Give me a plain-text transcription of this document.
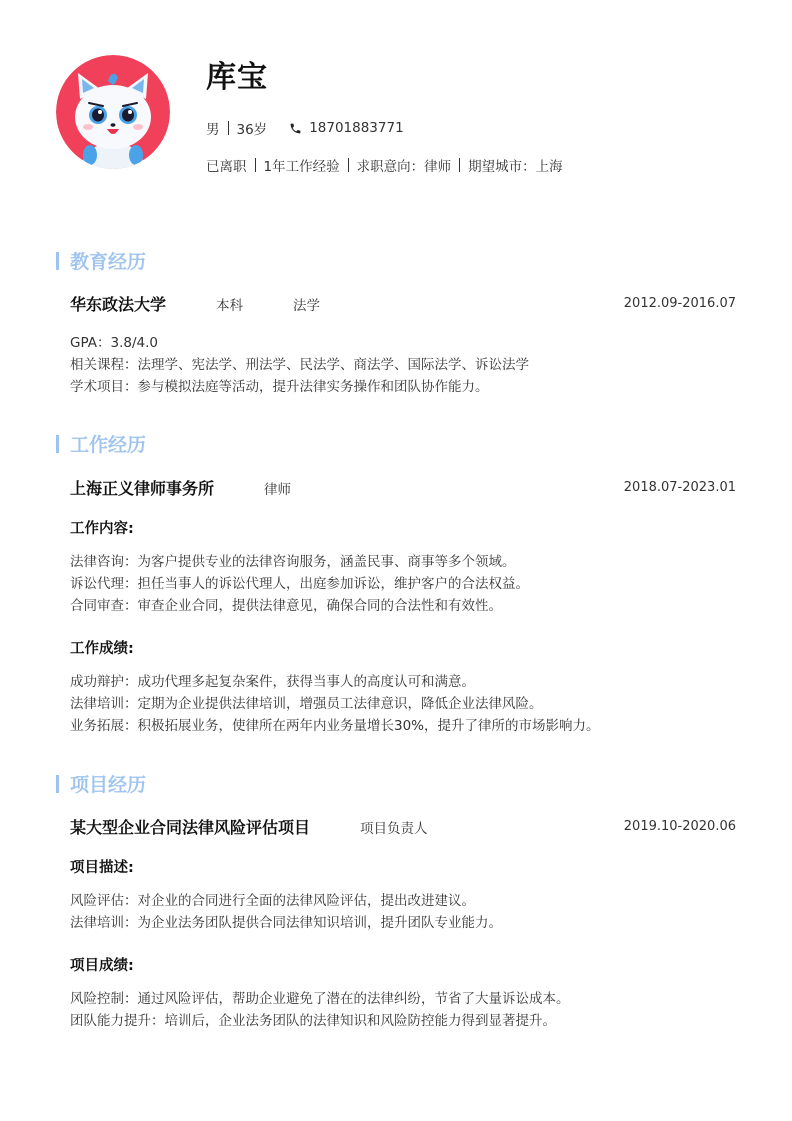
库宝
男 36岁	18701883771
已离职 1年工作经验 求职意向：律师 期望城市：上海
教育经历
华东政法大学	本科	法学	2012.09-2016.07
GPA：3.8/4.0
相关课程：法理学、宪法学、刑法学、民法学、商法学、国际法学、诉讼法学
学术项目：参与模拟法庭等活动，提升法律实务操作和团队协作能力。
工作经历
上海正义律师事务所	律师	2018.07-2023.01
工作内容:
法律咨询：为客户提供专业的法律咨询服务，涵盖民事、商事等多个领域。
诉讼代理：担任当事人的诉讼代理人，出庭参加诉讼，维护客户的合法权益。
合同审查：审查企业合同，提供法律意见，确保合同的合法性和有效性。
工作成绩:
成功辩护：成功代理多起复杂案件，获得当事人的高度认可和满意。
法律培训：定期为企业提供法律培训，增强员工法律意识，降低企业法律风险。
业务拓展：积极拓展业务，使律所在两年内业务量增长30%，提升了律所的市场影响力。
项目经历
某大型企业合同法律风险评估项目	项目负责人	2019.10-2020.06
项目描述:
风险评估：对企业的合同进行全面的法律风险评估，提出改进建议。
法律培训：为企业法务团队提供合同法律知识培训，提升团队专业能力。
项目成绩:
风险控制：通过风险评估，帮助企业避免了潜在的法律纠纷，节省了大量诉讼成本。
团队能力提升：培训后，企业法务团队的法律知识和风险防控能力得到显著提升。
